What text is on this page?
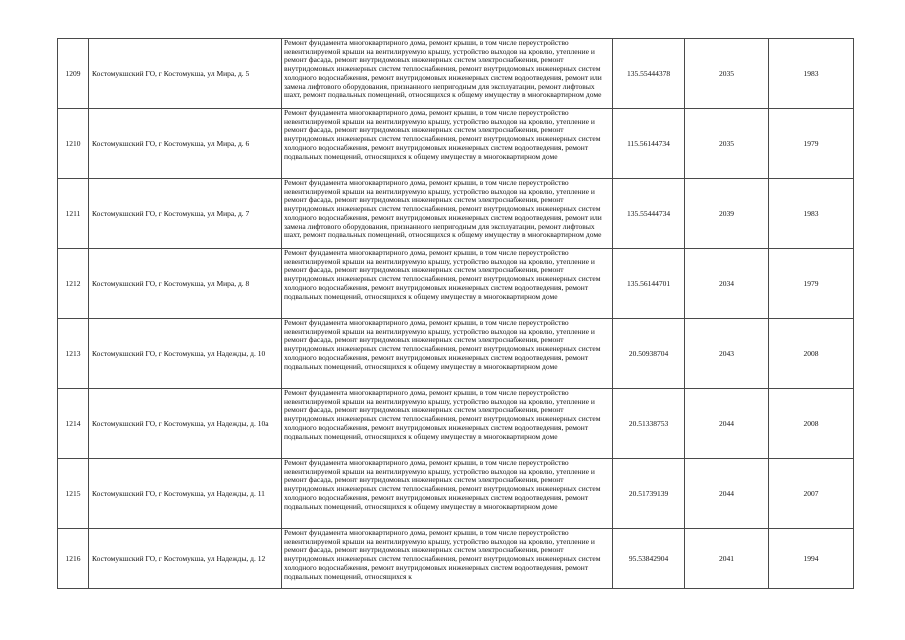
1209	Костомукшский ГО, г Костомукша, ул Мира, д. 5	Ремонт фундамента многоквартирного дома, ремонт крыши, в том числе переустройство невентилируемой крыши на вентилируемую крышу, устройство выходов на кровлю, утепление и ремонт фасада, ремонт внутридомовых инженерных систем электроснабжения, ремонт внутридомовых инженерных систем теплоснабжения, ремонт внутридомовых инженерных систем холодного водоснабжения, ремонт внутридомовых инженерных систем водоотведения, ремонт или замена лифтового оборудования, признанного непригодным для эксплуатации, ремонт лифтовых шахт, ремонт подвальных помещений, относящихся к общему имуществу в многоквартирном доме	135.55444378	2035	1983
1210	Костомукшский ГО, г Костомукша, ул Мира, д. 6	Ремонт фундамента многоквартирного дома, ремонт крыши, в том числе переустройство невентилируемой крыши на вентилируемую крышу, устройство выходов на кровлю, утепление и ремонт фасада, ремонт внутридомовых инженерных систем электроснабжения, ремонт внутридомовых инженерных систем теплоснабжения, ремонт внутридомовых инженерных систем холодного водоснабжения, ремонт внутридомовых инженерных систем водоотведения, ремонт подвальных помещений, относящихся к общему имуществу в многоквартирном доме	115.56144734	2035	1979
1211	Костомукшский ГО, г Костомукша, ул Мира, д. 7	Ремонт фундамента многоквартирного дома, ремонт крыши, в том числе переустройство невентилируемой крыши на вентилируемую крышу, устройство выходов на кровлю, утепление и ремонт фасада, ремонт внутридомовых инженерных систем электроснабжения, ремонт внутридомовых инженерных систем теплоснабжения, ремонт внутридомовых инженерных систем холодного водоснабжения, ремонт внутридомовых инженерных систем водоотведения, ремонт или замена лифтового оборудования, признанного непригодным для эксплуатации, ремонт лифтовых шахт, ремонт подвальных помещений, относящихся к общему имуществу в многоквартирном доме	135.55444734	2039	1983
1212	Костомукшский ГО, г Костомукша, ул Мира, д. 8	Ремонт фундамента многоквартирного дома, ремонт крыши, в том числе переустройство невентилируемой крыши на вентилируемую крышу, устройство выходов на кровлю, утепление и ремонт фасада, ремонт внутридомовых инженерных систем электроснабжения, ремонт внутридомовых инженерных систем теплоснабжения, ремонт внутридомовых инженерных систем холодного водоснабжения, ремонт внутридомовых инженерных систем водоотведения, ремонт подвальных помещений, относящихся к общему имуществу в многоквартирном доме	135.56144701	2034	1979
1213	Костомукшский ГО, г Костомукша, ул Надежды, д. 10	Ремонт фундамента многоквартирного дома, ремонт крыши, в том числе переустройство невентилируемой крыши на вентилируемую крышу, устройство выходов на кровлю, утепление и ремонт фасада, ремонт внутридомовых инженерных систем электроснабжения, ремонт внутридомовых инженерных систем теплоснабжения, ремонт внутридомовых инженерных систем холодного водоснабжения, ремонт внутридомовых инженерных систем водоотведения, ремонт подвальных помещений, относящихся к общему имуществу в многоквартирном доме	20.50938704	2043	2008
1214	Костомукшский ГО, г Костомукша, ул Надежды, д. 10а	Ремонт фундамента многоквартирного дома, ремонт крыши, в том числе переустройство невентилируемой крыши на вентилируемую крышу, устройство выходов на кровлю, утепление и ремонт фасада, ремонт внутридомовых инженерных систем электроснабжения, ремонт внутридомовых инженерных систем теплоснабжения, ремонт внутридомовых инженерных систем холодного водоснабжения, ремонт внутридомовых инженерных систем водоотведения, ремонт подвальных помещений, относящихся к общему имуществу в многоквартирном доме	20.51338753	2044	2008
1215	Костомукшский ГО, г Костомукша, ул Надежды, д. 11	Ремонт фундамента многоквартирного дома, ремонт крыши, в том числе переустройство невентилируемой крыши на вентилируемую крышу, устройство выходов на кровлю, утепление и ремонт фасада, ремонт внутридомовых инженерных систем электроснабжения, ремонт внутридомовых инженерных систем теплоснабжения, ремонт внутридомовых инженерных систем холодного водоснабжения, ремонт внутридомовых инженерных систем водоотведения, ремонт подвальных помещений, относящихся к общему имуществу в многоквартирном доме	20.51739139	2044	2007
1216	Костомукшский ГО, г Костомукша, ул Надежды, д. 12	Ремонт фундамента многоквартирного дома, ремонт крыши, в том числе переустройство невентилируемой крыши на вентилируемую крышу, устройство выходов на кровлю, утепление и ремонт фасада, ремонт внутридомовых инженерных систем электроснабжения, ремонт внутридомовых инженерных систем теплоснабжения, ремонт внутридомовых инженерных систем холодного водоснабжения, ремонт внутридомовых инженерных систем водоотведения, ремонт подвальных помещений, относящихся к	95.53842904	2041	1994
